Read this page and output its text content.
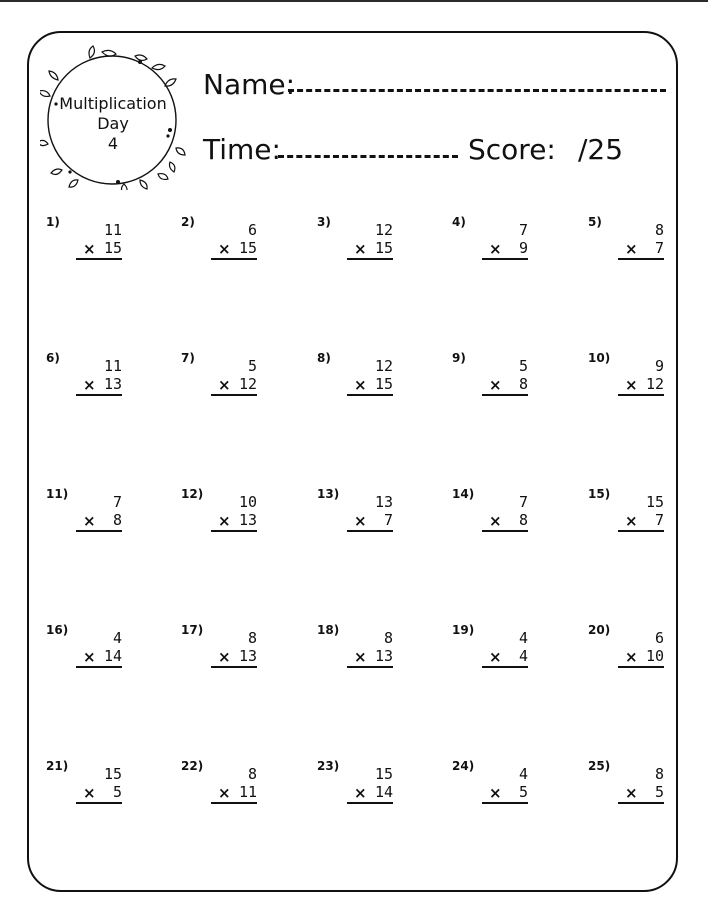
Multiplication
Day
4
Name:
Time:	Score: /25
1)	11
× 15
2)	6
× 15
3)	12
× 15
4)	7
×	9
5)	8
×	7
6)	11
× 13
7)	5
× 12
8)	12
× 15
9)	5
×	8
10)	9
× 12
11)	7
×	8
12)	10
× 13
13)	13
×	7
14)	7
×	8
15)	15
×	7
16)	4
× 14
17)	8
× 13
18)	8
× 13
19)	4
×	4
20)	6
× 10
21)	15
×	5
22)	8
× 11
23)	15
× 14
24)	4
×	5
25)	8
×	5
